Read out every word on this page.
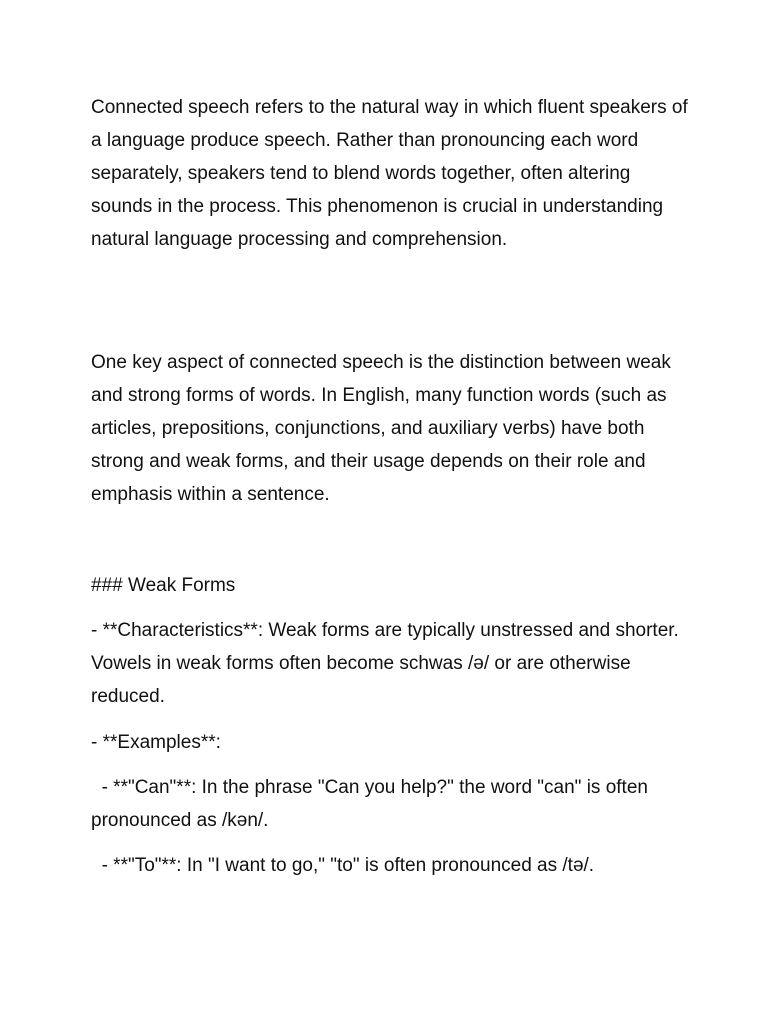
Connected speech refers to the natural way in which fluent speakers of a language produce speech. Rather than pronouncing each word separately, speakers tend to blend words together, often altering sounds in the process. This phenomenon is crucial in understanding natural language processing and comprehension.

One key aspect of connected speech is the distinction between weak and strong forms of words. In English, many function words (such as articles, prepositions, conjunctions, and auxiliary verbs) have both strong and weak forms, and their usage depends on their role and emphasis within a sentence.

### Weak Forms

- **Characteristics**: Weak forms are typically unstressed and shorter. Vowels in weak forms often become schwas /ə/ or are otherwise reduced.

- **Examples**:

- **"Can"**: In the phrase "Can you help?" the word "can" is often pronounced as /kən/.

- **"To"**: In "I want to go," "to" is often pronounced as /tə/.
